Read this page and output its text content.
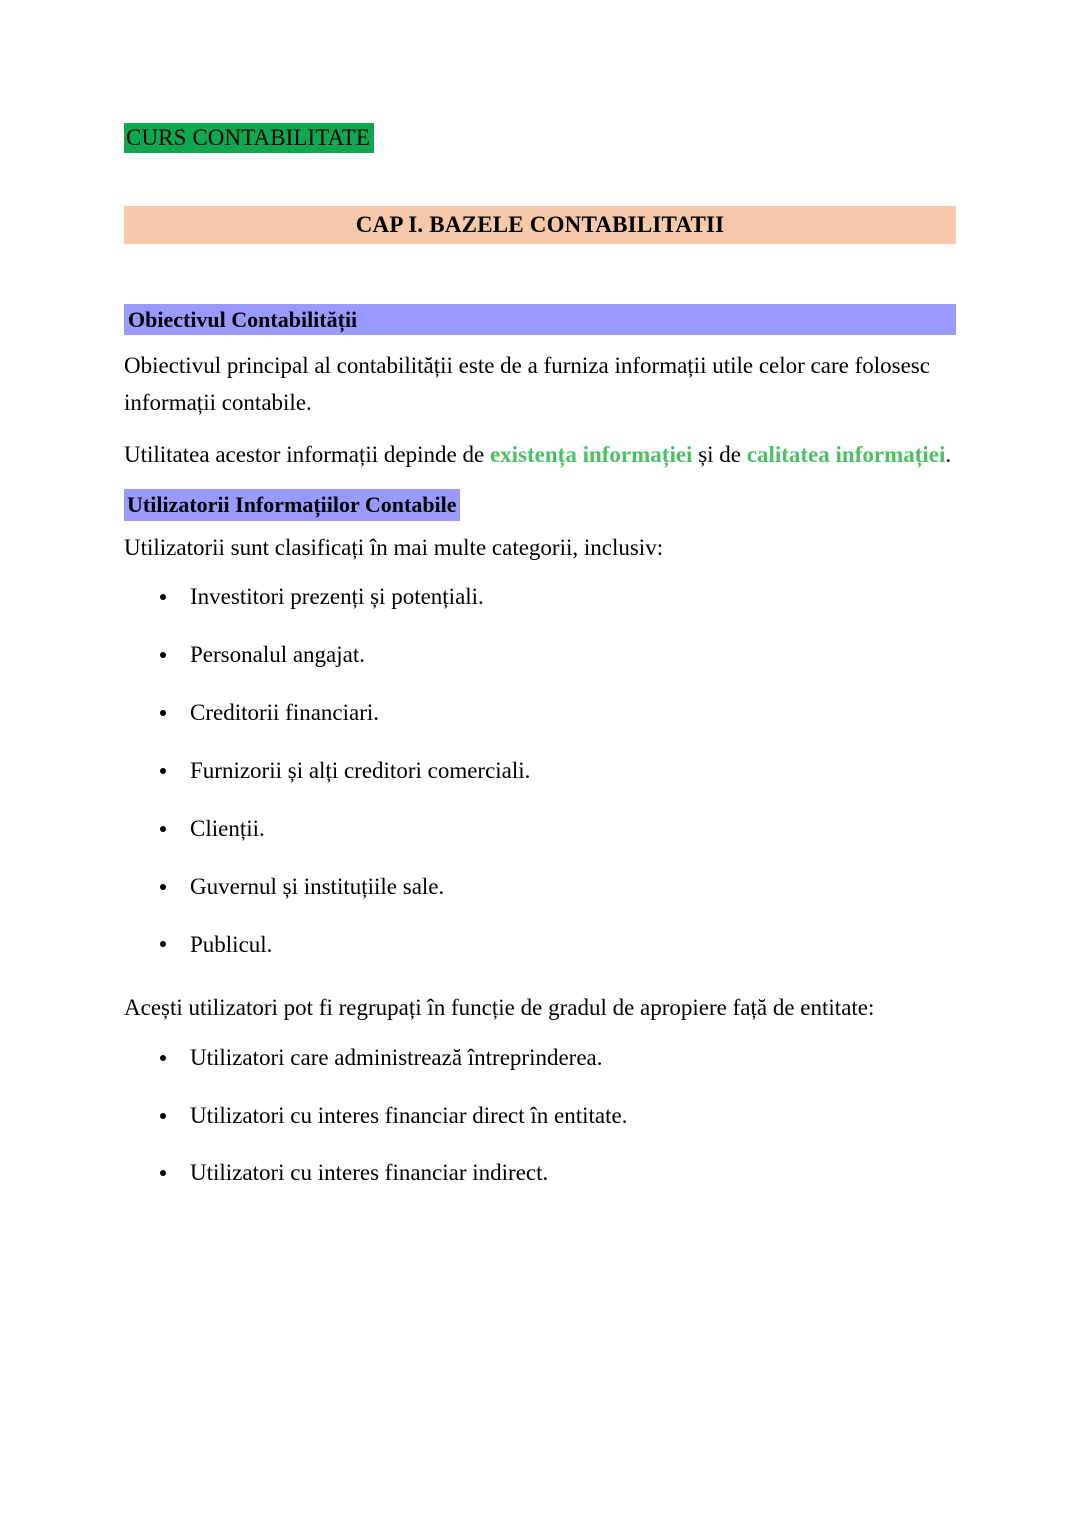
CURS CONTABILITATE
CAP I. BAZELE CONTABILITATII
Obiectivul Contabilității

Obiectivul principal al contabilității este de a furniza informații utile celor care folosesc informații contabile.

Utilitatea acestor informații depinde de existența informației și de calitatea informației.

Utilizatorii Informațiilor Contabile

Utilizatorii sunt clasificați în mai multe categorii, inclusiv:

Investitori prezenți și potențiali.
Personalul angajat.
Creditorii financiari.
Furnizorii și alți creditori comerciali.
Clienții.
Guvernul și instituțiile sale.
Publicul.

Acești utilizatori pot fi regrupați în funcție de gradul de apropiere față de entitate:

Utilizatori care administrează întreprinderea.
Utilizatori cu interes financiar direct în entitate.
Utilizatori cu interes financiar indirect.
